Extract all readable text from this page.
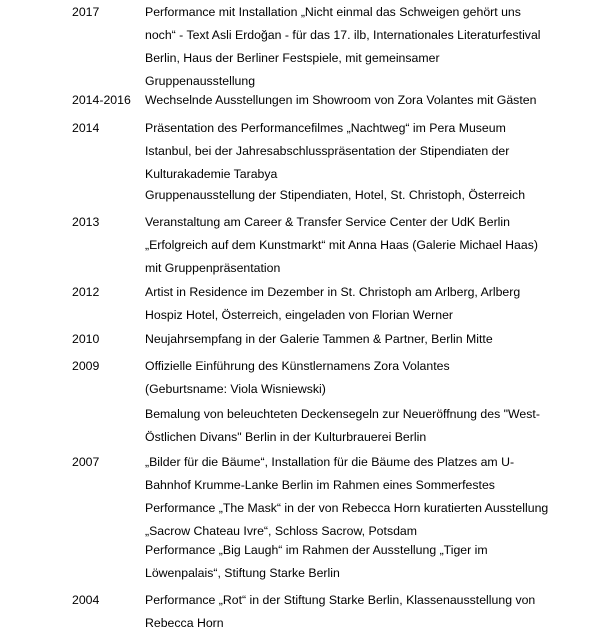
2017	Performance mit Installation „Nicht einmal das Schweigen gehört uns
noch“ - Text Asli Erdoğan - für das 17. ilb, Internationales Literaturfestival
Berlin, Haus der Berliner Festspiele, mit gemeinsamer
Gruppenausstellung
2014-2016 Wechselnde Ausstellungen im Showroom von Zora Volantes mit Gästen
2014	Präsentation des Performancefilmes „Nachtweg“ im Pera Museum
Istanbul, bei der Jahresabschlusspräsentation der Stipendiaten der
Kulturakademie Tarabya
Gruppenausstellung der Stipendiaten, Hotel, St. Christoph, Österreich
2013	Veranstaltung am Career & Transfer Service Center der UdK Berlin
„Erfolgreich auf dem Kunstmarkt“ mit Anna Haas (Galerie Michael Haas)
mit Gruppenpräsentation
2012	Artist in Residence im Dezember in St. Christoph am Arlberg, Arlberg
Hospiz Hotel, Österreich, eingeladen von Florian Werner
2010	Neujahrsempfang in der Galerie Tammen & Partner, Berlin Mitte
2009	Offizielle Einführung des Künstlernamens Zora Volantes
(Geburtsname: Viola Wisniewski)
Bemalung von beleuchteten Deckensegeln zur Neueröffnung des "West-
Östlichen Divans" Berlin in der Kulturbrauerei Berlin
2007	„Bilder für die Bäume“, Installation für die Bäume des Platzes am U-
Bahnhof Krumme-Lanke Berlin im Rahmen eines Sommerfestes
Performance „The Mask“ in der von Rebecca Horn kuratierten Ausstellung
„Sacrow Chateau Ivre“, Schloss Sacrow, Potsdam
Performance „Big Laugh“ im Rahmen der Ausstellung „Tiger im
Löwenpalais“, Stiftung Starke Berlin
2004	Performance „Rot“ in der Stiftung Starke Berlin, Klassenausstellung von
Rebecca Horn
